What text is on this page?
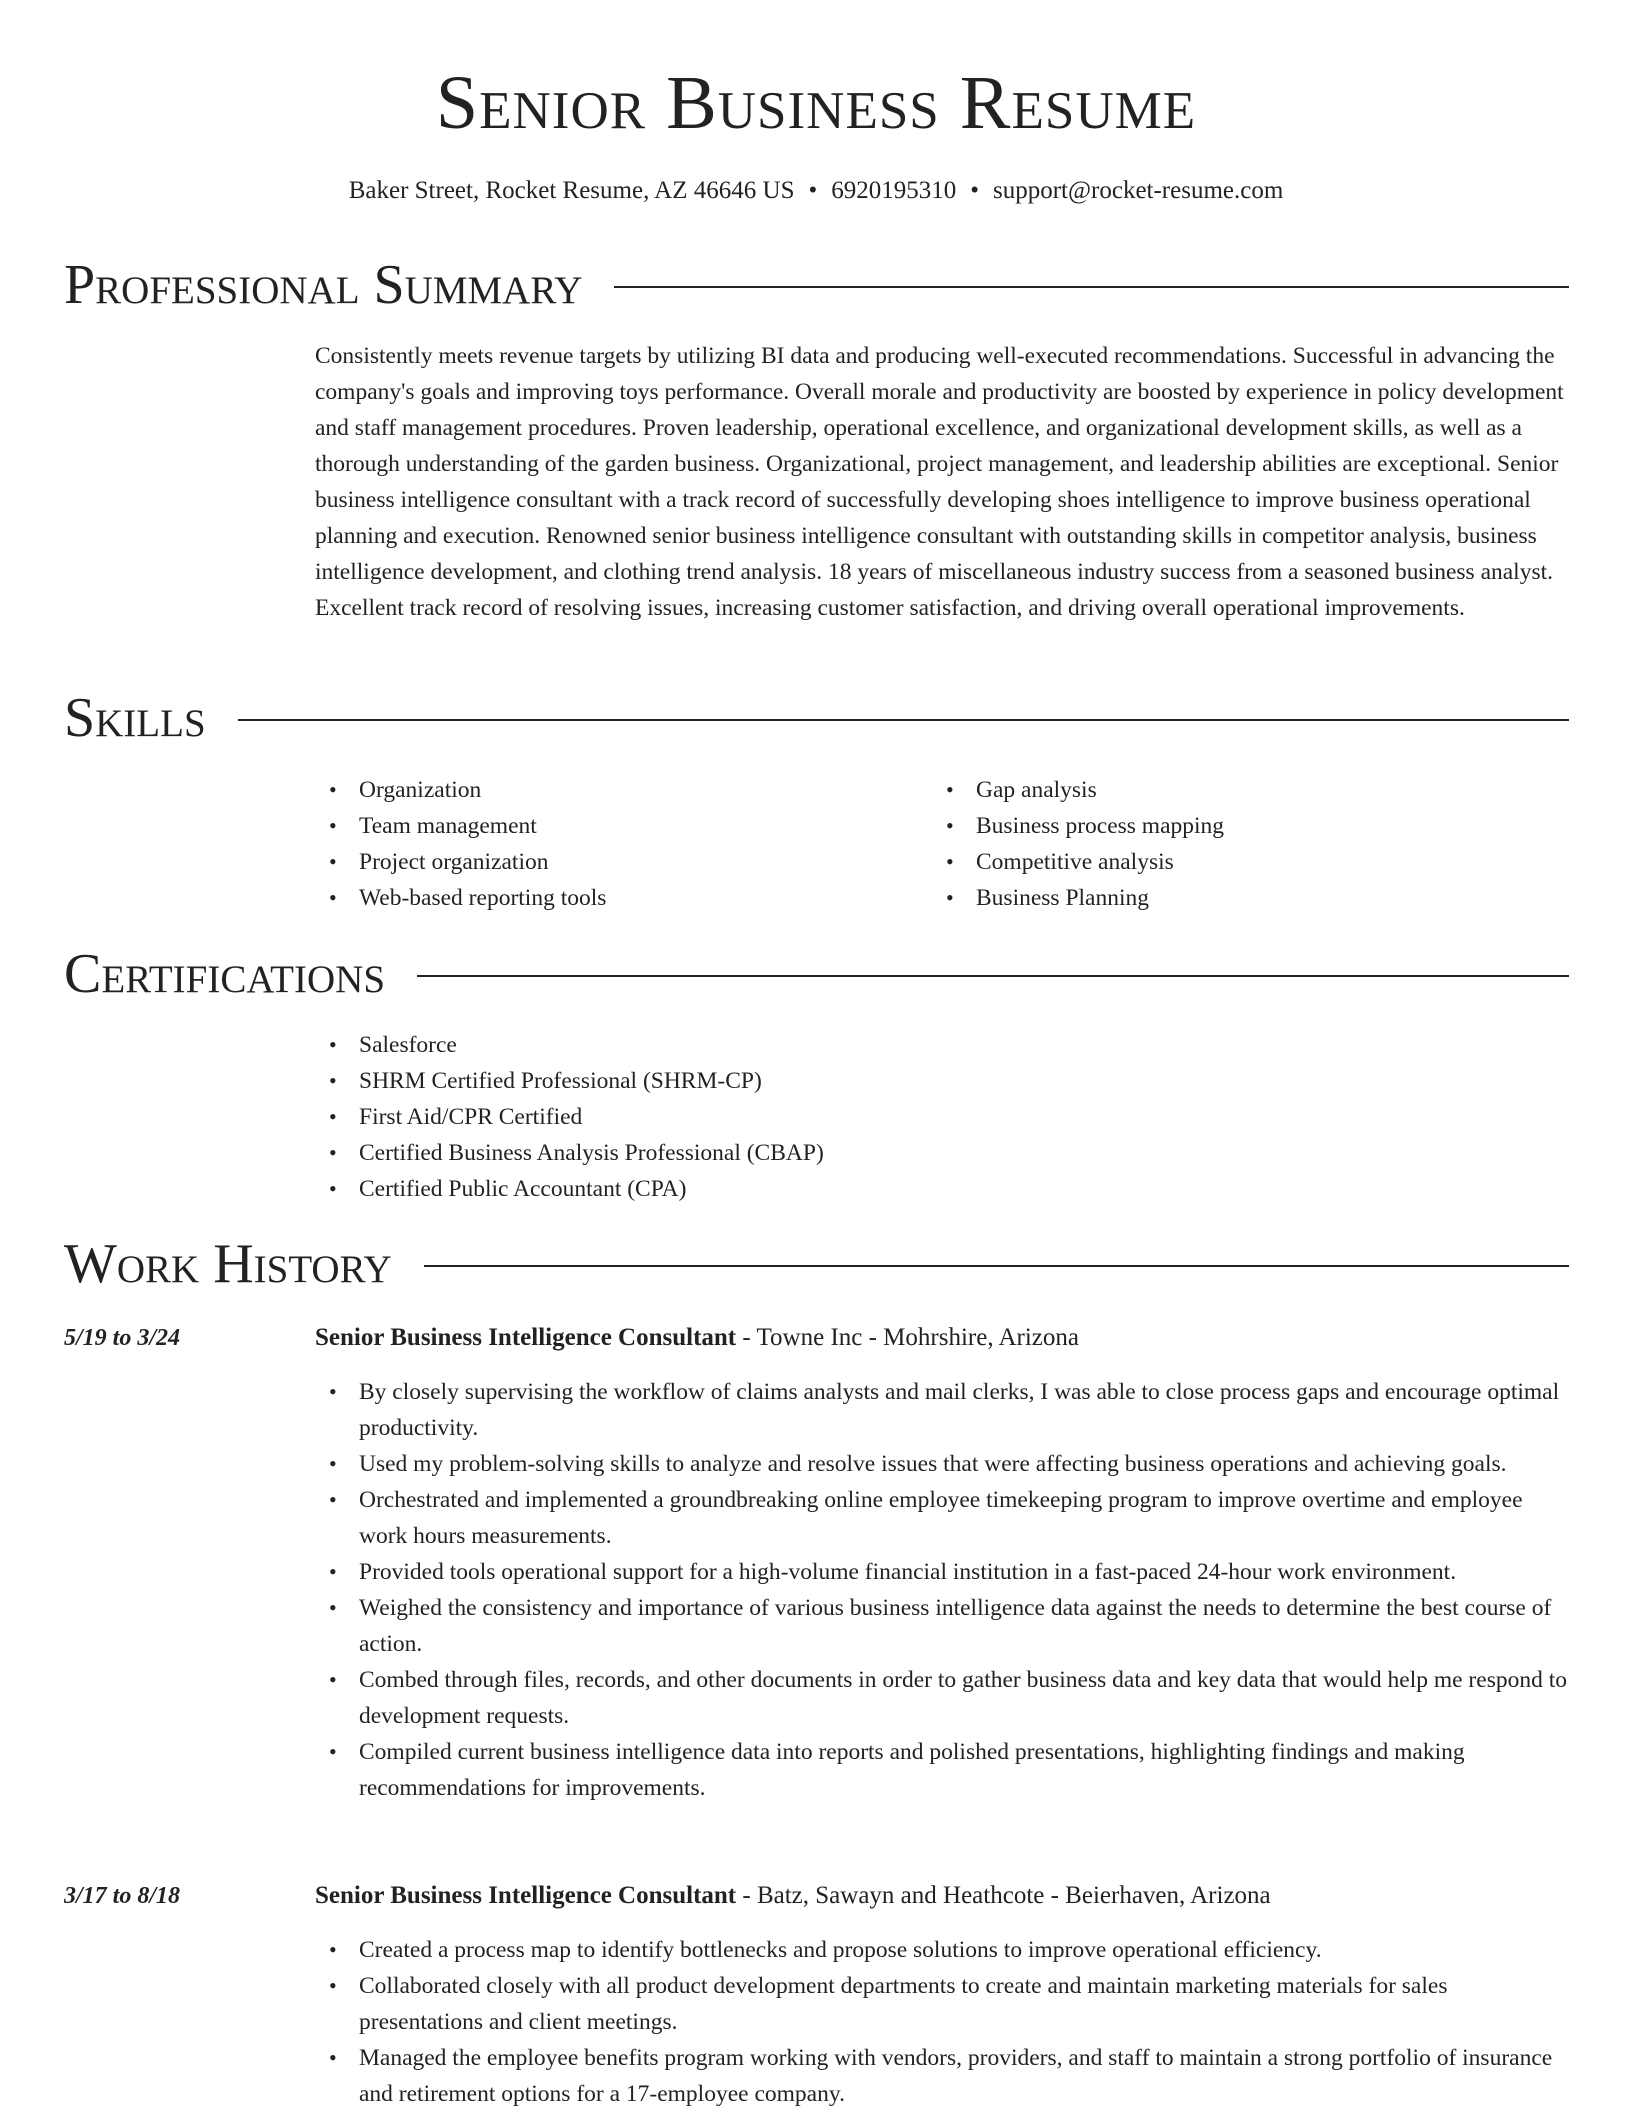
Senior Business Resume
Baker Street, Rocket Resume, AZ 46646 US • 6920195310 • support@rocket-resume.com
Professional Summary

Consistently meets revenue targets by utilizing BI data and producing well-executed recommendations. Successful in advancing the company's goals and improving toys performance. Overall morale and productivity are boosted by experience in policy development and staff management procedures. Proven leadership, operational excellence, and organizational development skills, as well as a thorough understanding of the garden business. Organizational, project management, and leadership abilities are exceptional. Senior business intelligence consultant with a track record of successfully developing shoes intelligence to improve business operational planning and execution. Renowned senior business intelligence consultant with outstanding skills in competitor analysis, business intelligence development, and clothing trend analysis. 18 years of miscellaneous industry success from a seasoned business analyst. Excellent track record of resolving issues, increasing customer satisfaction, and driving overall operational improvements.

Skills
• Organization
• Team management
• Project organization
• Web-based reporting tools
• Gap analysis
• Business process mapping
• Competitive analysis
• Business Planning
Certifications
• Salesforce
• SHRM Certified Professional (SHRM-CP)
• First Aid/CPR Certified
• Certified Business Analysis Professional (CBAP)
• Certified Public Accountant (CPA)
Work History
5/19 to 3/24	Senior Business Intelligence Consultant - Towne Inc - Mohrshire, Arizona
• By closely supervising the workflow of claims analysts and mail clerks, I was able to close process gaps and encourage optimal productivity.
• Used my problem-solving skills to analyze and resolve issues that were affecting business operations and achieving goals.
• Orchestrated and implemented a groundbreaking online employee timekeeping program to improve overtime and employee work hours measurements.
• Provided tools operational support for a high-volume financial institution in a fast-paced 24-hour work environment.
• Weighed the consistency and importance of various business intelligence data against the needs to determine the best course of action.
• Combed through files, records, and other documents in order to gather business data and key data that would help me respond to development requests.
• Compiled current business intelligence data into reports and polished presentations, highlighting findings and making recommendations for improvements.
3/17 to 8/18	Senior Business Intelligence Consultant - Batz, Sawayn and Heathcote - Beierhaven, Arizona
• Created a process map to identify bottlenecks and propose solutions to improve operational efficiency.
• Collaborated closely with all product development departments to create and maintain marketing materials for sales presentations and client meetings.
• Managed the employee benefits program working with vendors, providers, and staff to maintain a strong portfolio of insurance and retirement options for a 17-employee company.
